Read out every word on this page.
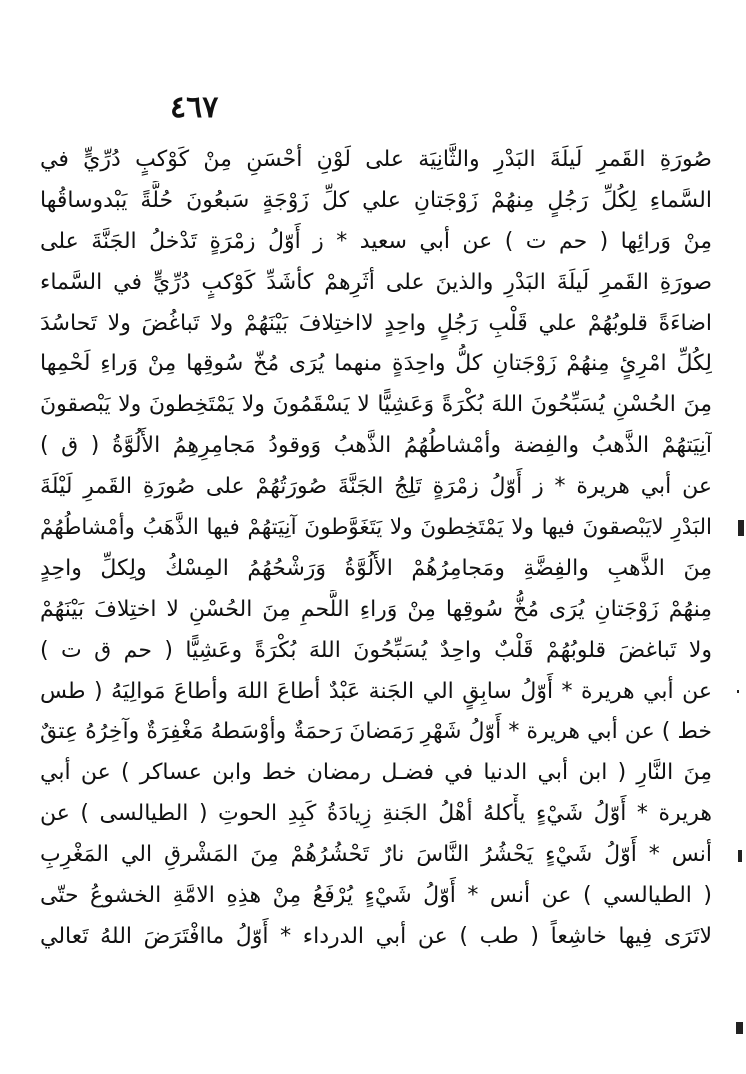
٤٦٧
صُورَةِ القَمرِ لَيلَةَ البَدْرِ والثَّانِيَة على لَوْنِ أحْسَنِ مِنْ كَوْكبٍ دُرِّيٍّ في
السَّماءِ لِكُلِّ رَجُلٍ مِنهُمْ زَوْجَتانِ علي كلِّ زَوْجَةٍ سَبعُونَ حُلَّةً يَبْدوساقُها
مِنْ وَرائِها ( حم ت ) عن أبي سعيد * ز أَوّلُ زمْرَةٍ تَدْخلُ الجَنَّةَ على
صورَةِ القَمرِ لَيلَةَ البَدْرِ والذينَ على أثَرِهمْ كأشَدِّ كَوْكبٍ دُرِّيٍّ في السَّماء
اضاءَةً قلوبُهُمْ علي قَلْبِ رَجُلٍ واحِدٍ لااختِلافَ بَيْنَهُمْ ولا تَباغُضَ ولا تَحاسُدَ
لِكُلِّ امْرِئٍ مِنهُمْ زَوْجَتانِ كلُّ واحِدَةٍ منهما يُرَى مُخّ سُوقِها مِنْ وَراءِ لَحْمِها
مِنَ الحُسْنِ يُسَبِّحُونَ اللهَ بُكْرَةً وَعَشِيًّا لا يَسْقَمُونَ ولا يَمْتَخِطونَ ولا يَبْصقونَ
آنِيَتهُمْ الذَّهبُ والفِضة وأمْشاطُهُمُ الذَّهبُ وَوقودُ مَجامِرِهِمُ الأَلُوَّةُ ( ق )
عن أبي هريرة * ز أَوّلُ زمْرَةٍ تَلِجُ الجَنَّةَ صُورَتُهُمْ على صُورَةِ القَمرِ لَيْلَةَ
البَدْرِ لايَبْصقونَ فيها ولا يَمْتَخِطونَ ولا يَتَغَوَّطونَ آنِيَتهُمْ فيها الذَّهَبُ وأمْشاطُهُمْ
مِنَ الذَّهبِ والفِضَّةِ ومَجامِرُهُمْ الأَلُوَّةُ وَرَشْحُهُمُ المِسْكُ ولِكلِّ واحِدٍ
مِنهُمْ زَوْجَتانِ يُرَى مُخُّ سُوقِها مِنْ وَراءِ اللَّحمِ مِنَ الحُسْنِ لا اختِلافَ بَيْنَهُمْ
ولا تَباغضَ قلوبُهُمْ قَلْبٌ واحِدٌ يُسَبِّحُونَ اللهَ بُكْرَةً وعَشِيًّا ( حم ق ت )
عن أبي هريرة * أَوّلُ سابِقٍ الي الجَنة عَبْدٌ أطاعَ اللهَ وأطاعَ مَوالِيَهُ ( طس
خط ) عن أبي هريرة * أَوّلُ شَهْرِ رَمَضانَ رَحمَةٌ وأوْسَطهُ مَغْفِرَةٌ وآخِرُهُ عِتقٌ
مِنَ النَّارِ ( ابن أبي الدنيا في فضـل رمضان خط وابن عساكر ) عن أبي
هريرة * أَوّلُ شَيْءٍ يأْكلهُ أهْلُ الجَنةِ زِيادَةُ كَبِدِ الحوتِ ( الطيالسى ) عن
أنس * أَوّلُ شَيْءٍ يَحْشُرُ النَّاسَ نارٌ تَحْشُرُهُمْ مِنَ المَشْرقِ الي المَغْرِبِ
( الطيالسي ) عن أنس * أَوّلُ شَيْءٍ يُرْفَعُ مِنْ هذِهِ الامَّةِ الخشوعُ حتّى
لاتَرَى فِيها خاشِعاً ( طب ) عن أبي الدرداء * أَوّلُ ماافْتَرَضَ اللهُ تَعالي
